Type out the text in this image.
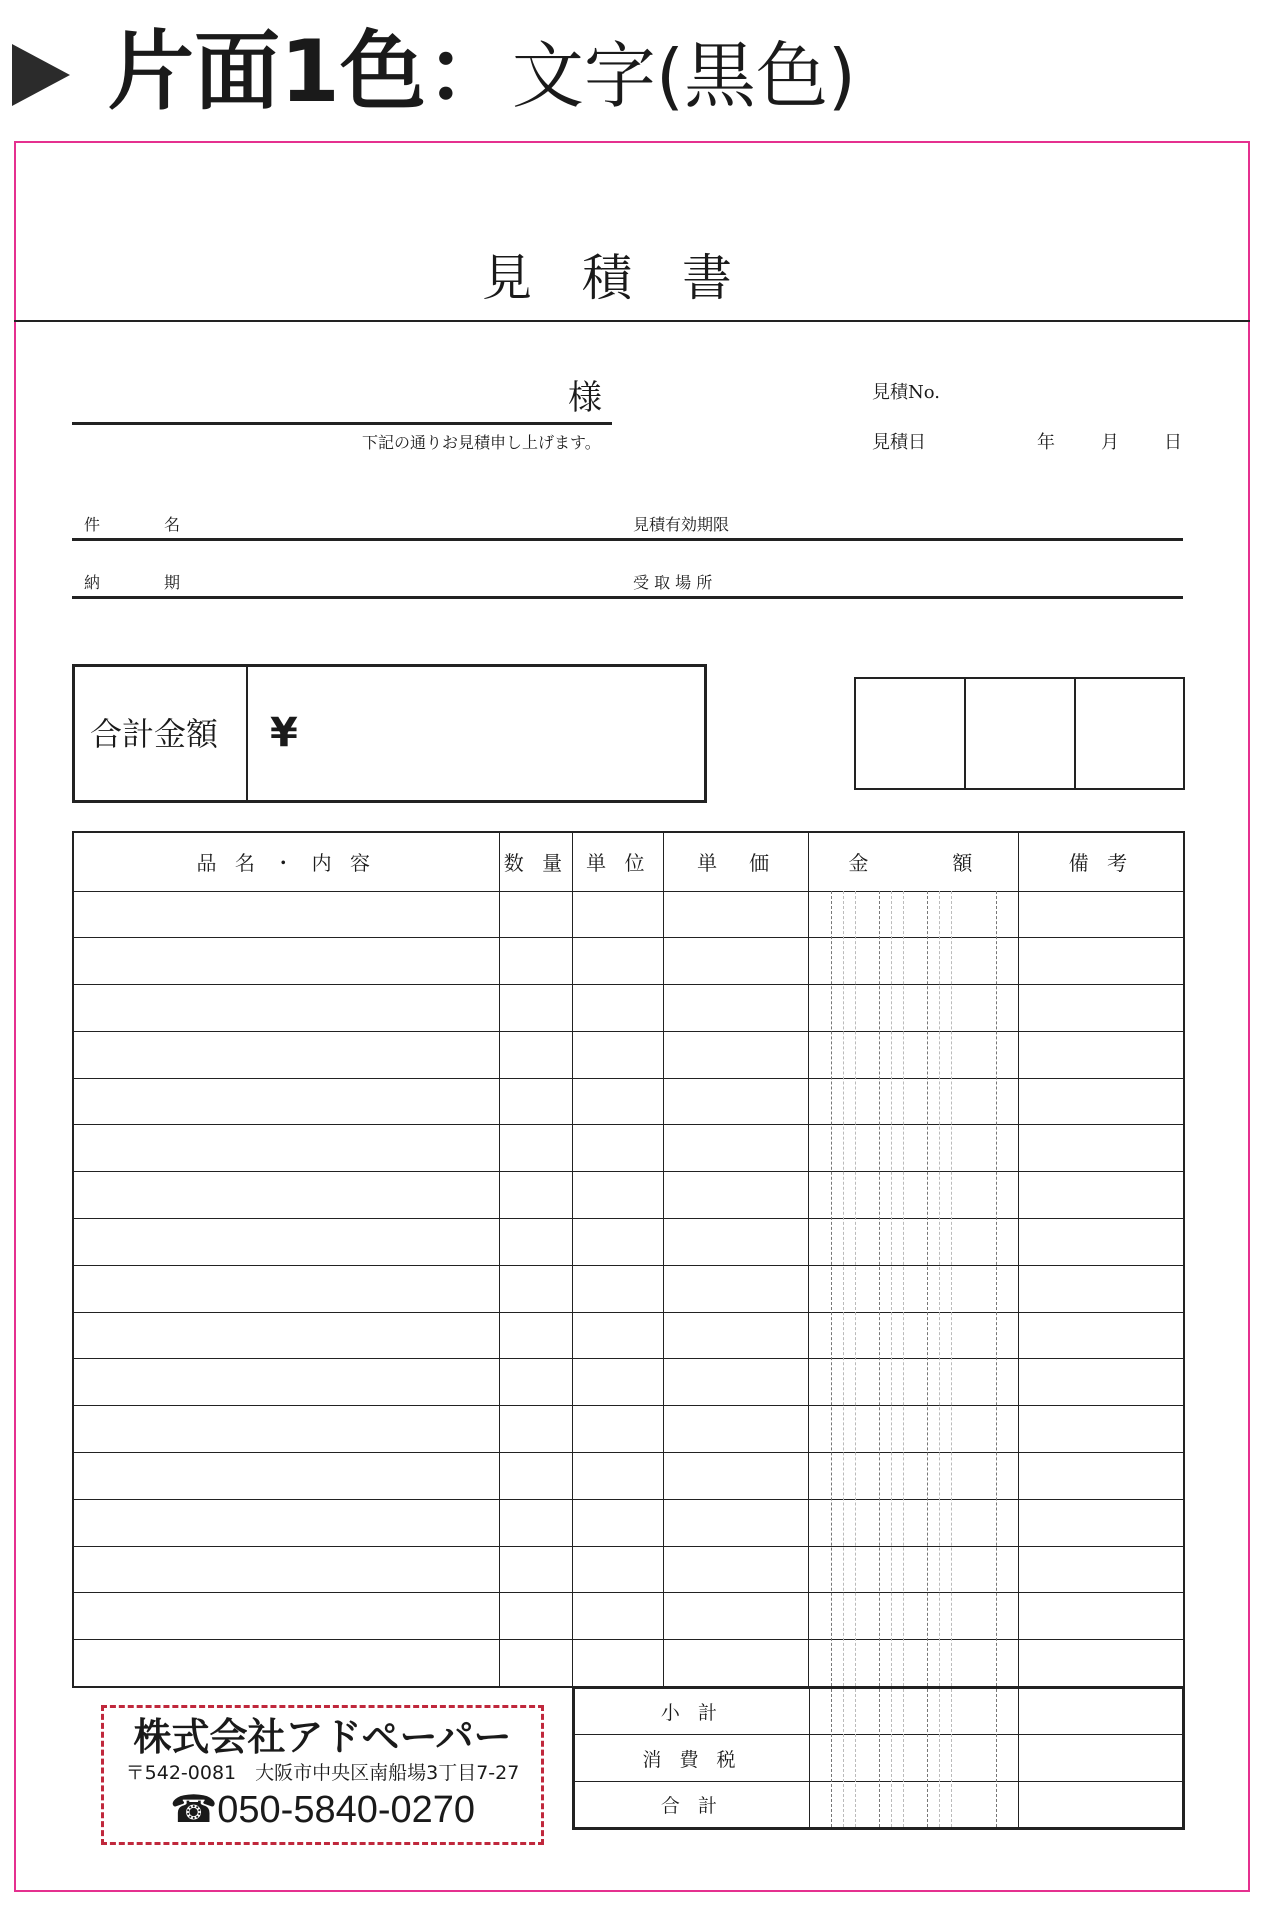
片面1色：文字(黒色)
見積書
様
下記の通りお見積申し上げます。
見積No.
見積日	年	月	日
件　　　　名	見積有効期限
納　　　　期	受 取 場 所
合計金額 ¥
品 名 ・ 内 容	数 量	単 位	単　価	金　　　額	備 考

小 計		
消 費 税		
合 計		
株式会社アドペーパー
〒542-0081　大阪市中央区南船場3丁目7-27
☎050-5840-0270
